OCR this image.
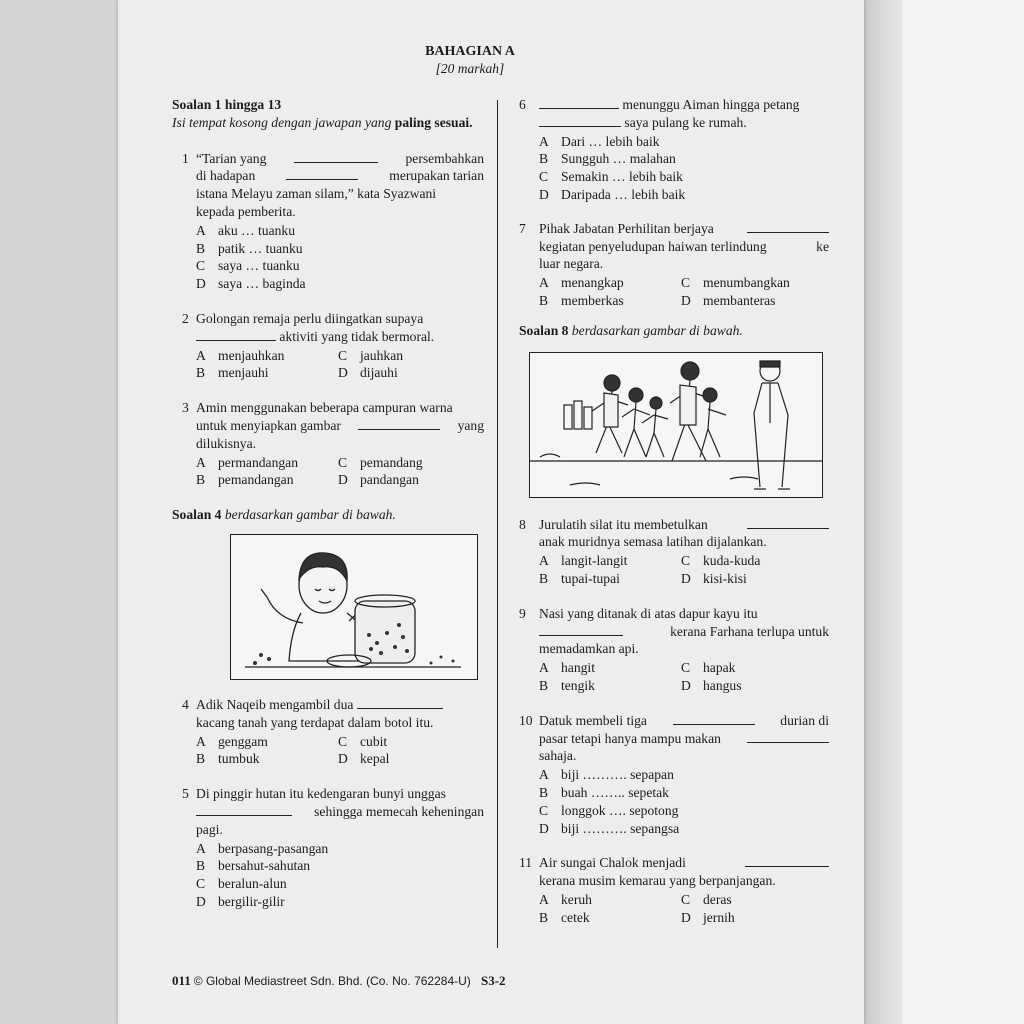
BAHAGIAN A
[20 markah]
Soalan 1 hingga 13
Isi tempat kosong dengan jawapan yang paling sesuai.
1 “Tarian yang	persembahkan
di hadapan	merupakan tarian
istana Melayu zaman silam,” kata Syazwani
kepada pemberita.
A aku … tuanku
B patik … tuanku
C saya … tuanku
D saya … baginda
2 Golongan remaja perlu diingatkan supaya
aktiviti yang tidak bermoral.
A menjauhkan	C jauhkan
B menjauhi	D dijauhi
3 Amin menggunakan beberapa campuran warna
untuk menyiapkan gambar	yang
dilukisnya.
A permandangan	C pemandang
B pemandangan	D pandangan
Soalan 4 berdasarkan gambar di bawah.
4 Adik Naqeib mengambil dua
kacang tanah yang terdapat dalam botol itu.
A genggam	C cubit
B tumbuk	D kepal
5 Di pinggir hutan itu kedengaran bunyi unggas
sehingga memecah keheningan
pagi.
A berpasang-pasangan
B bersahut-sahutan
C beralun-alun
D bergilir-gilir
6	menunggu Aiman hingga petang
saya pulang ke rumah.
A Dari … lebih baik
B Sungguh … malahan
C Semakin … lebih baik
D Daripada … lebih baik
7 Pihak Jabatan Perhilitan berjaya
kegiatan penyeludupan haiwan terlindung	ke
luar negara.
A menangkap	C menumbangkan
B memberkas	D membanteras
Soalan 8 berdasarkan gambar di bawah.
8 Jurulatih silat itu membetulkan
anak muridnya semasa latihan dijalankan.
A langit-langit	C kuda-kuda
B tupai-tupai	D kisi-kisi
9 Nasi yang ditanak di atas dapur kayu itu
kerana Farhana terlupa untuk
memadamkan api.
A hangit	C hapak
B tengik	D hangus
10 Datuk membeli tiga	durian di
pasar tetapi hanya mampu makan
sahaja.
A biji ………. sepapan
B buah …….. sepetak
C longgok …. sepotong
D biji ………. sepangsa
11 Air sungai Chalok menjadi
kerana musim kemarau yang berpanjangan.
A keruh	C deras
B cetek	D jernih
011 © Global Mediastreet Sdn. Bhd. (Co. No. 762284-U) S3-2
